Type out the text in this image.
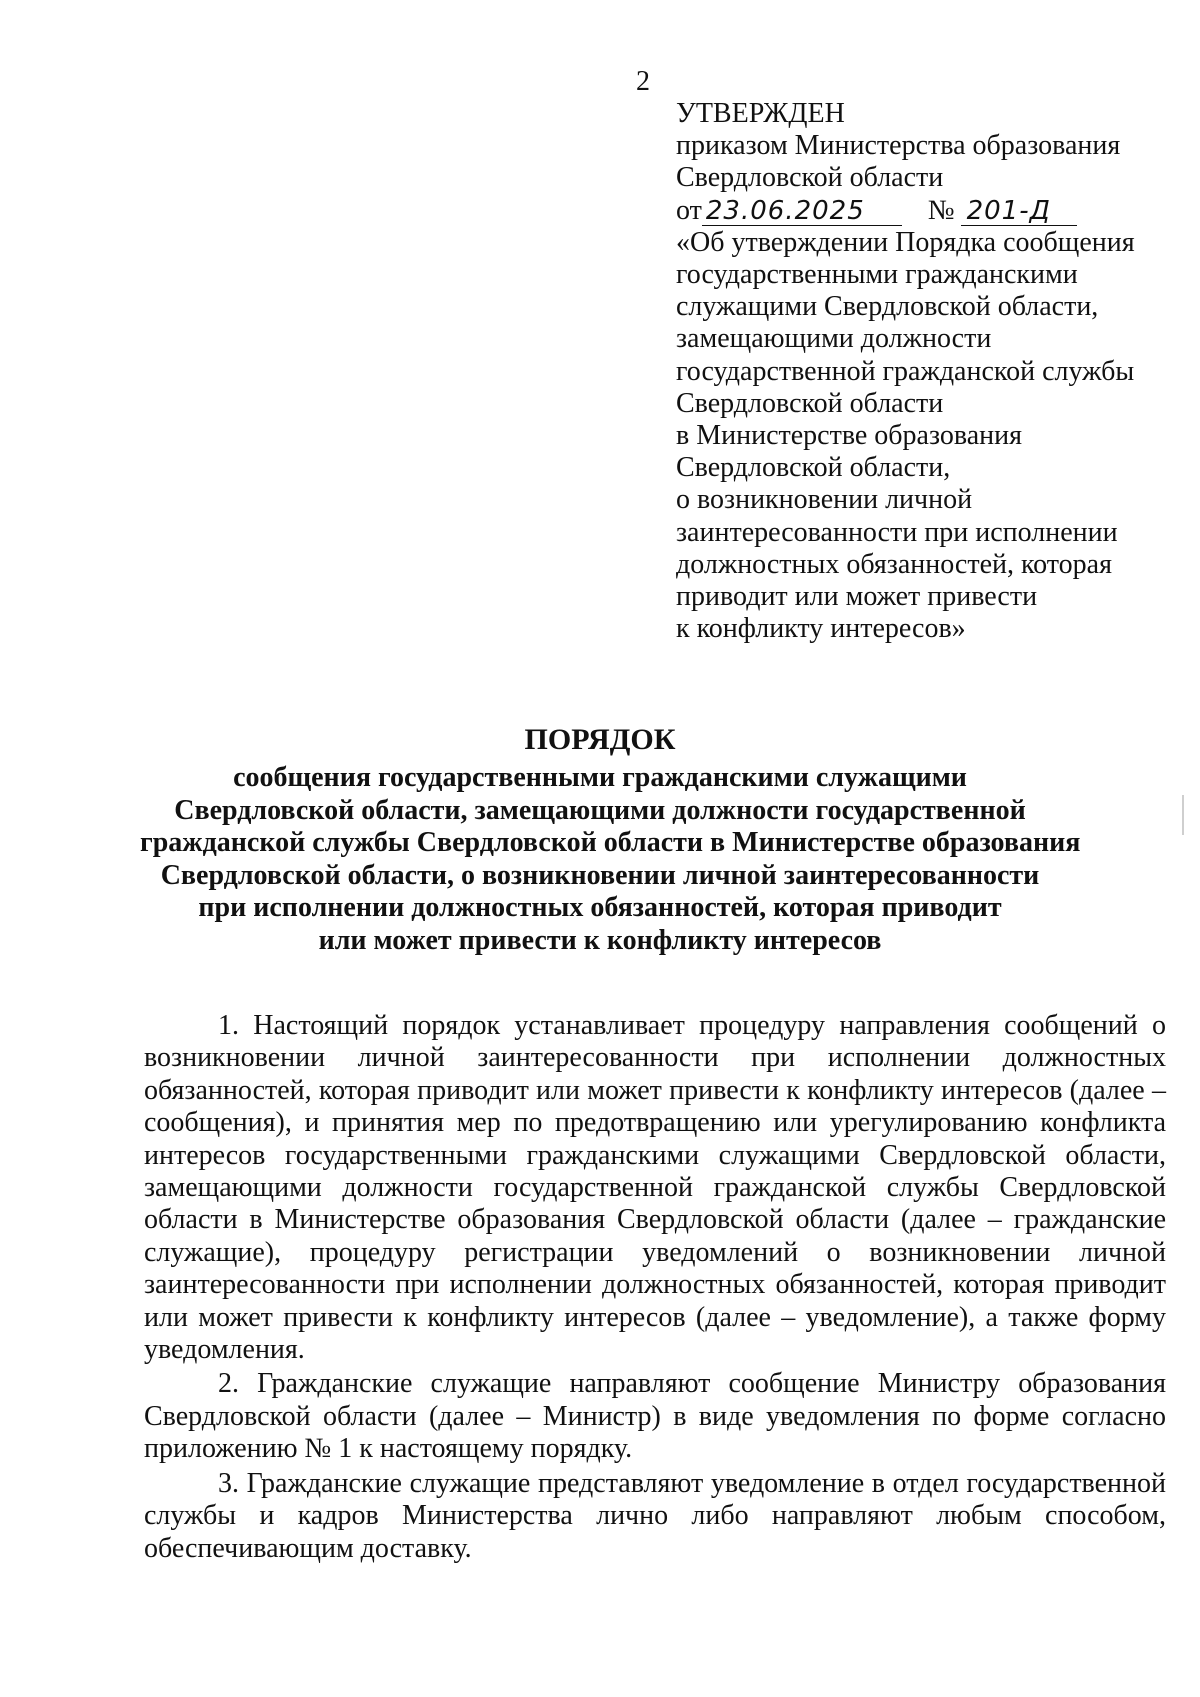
2
УТВЕРЖДЕН
приказом Министерства образования
Свердловской области
от 23.06.2025 № 201-Д
«Об утверждении Порядка сообщения
государственными гражданскими
служащими Свердловской области,
замещающими должности
государственной гражданской службы
Свердловской области
в Министерстве образования
Свердловской области,
о возникновении личной
заинтересованности при исполнении
должностных обязанностей, которая
приводит или может привести
к конфликту интересов»
ПОРЯДОК
сообщения государственными гражданскими служащими
Свердловской области, замещающими должности государственной
гражданской службы Свердловской области в Министерстве образования
Свердловской области, о возникновении личной заинтересованности
при исполнении должностных обязанностей, которая приводит
или может привести к конфликту интересов

1. Настоящий порядок устанавливает процедуру направления сообщений о возникновении личной заинтересованности при исполнении должностных обязанностей, которая приводит или может привести к конфликту интересов (далее – сообщения), и принятия мер по предотвращению или урегулированию конфликта интересов государственными гражданскими служащими Свердловской области, замещающими должности государственной гражданской службы Свердловской области в Министерстве образования Свердловской области (далее – гражданские служащие), процедуру регистрации уведомлений о возникновении личной заинтересованности при исполнении должностных обязанностей, которая приводит или может привести к конфликту интересов (далее – уведомление), а также форму уведомления.

2. Гражданские служащие направляют сообщение Министру образования Свердловской области (далее – Министр) в виде уведомления по форме согласно приложению № 1 к настоящему порядку.

3. Гражданские служащие представляют уведомление в отдел государственной службы и кадров Министерства лично либо направляют любым способом, обеспечивающим доставку.
